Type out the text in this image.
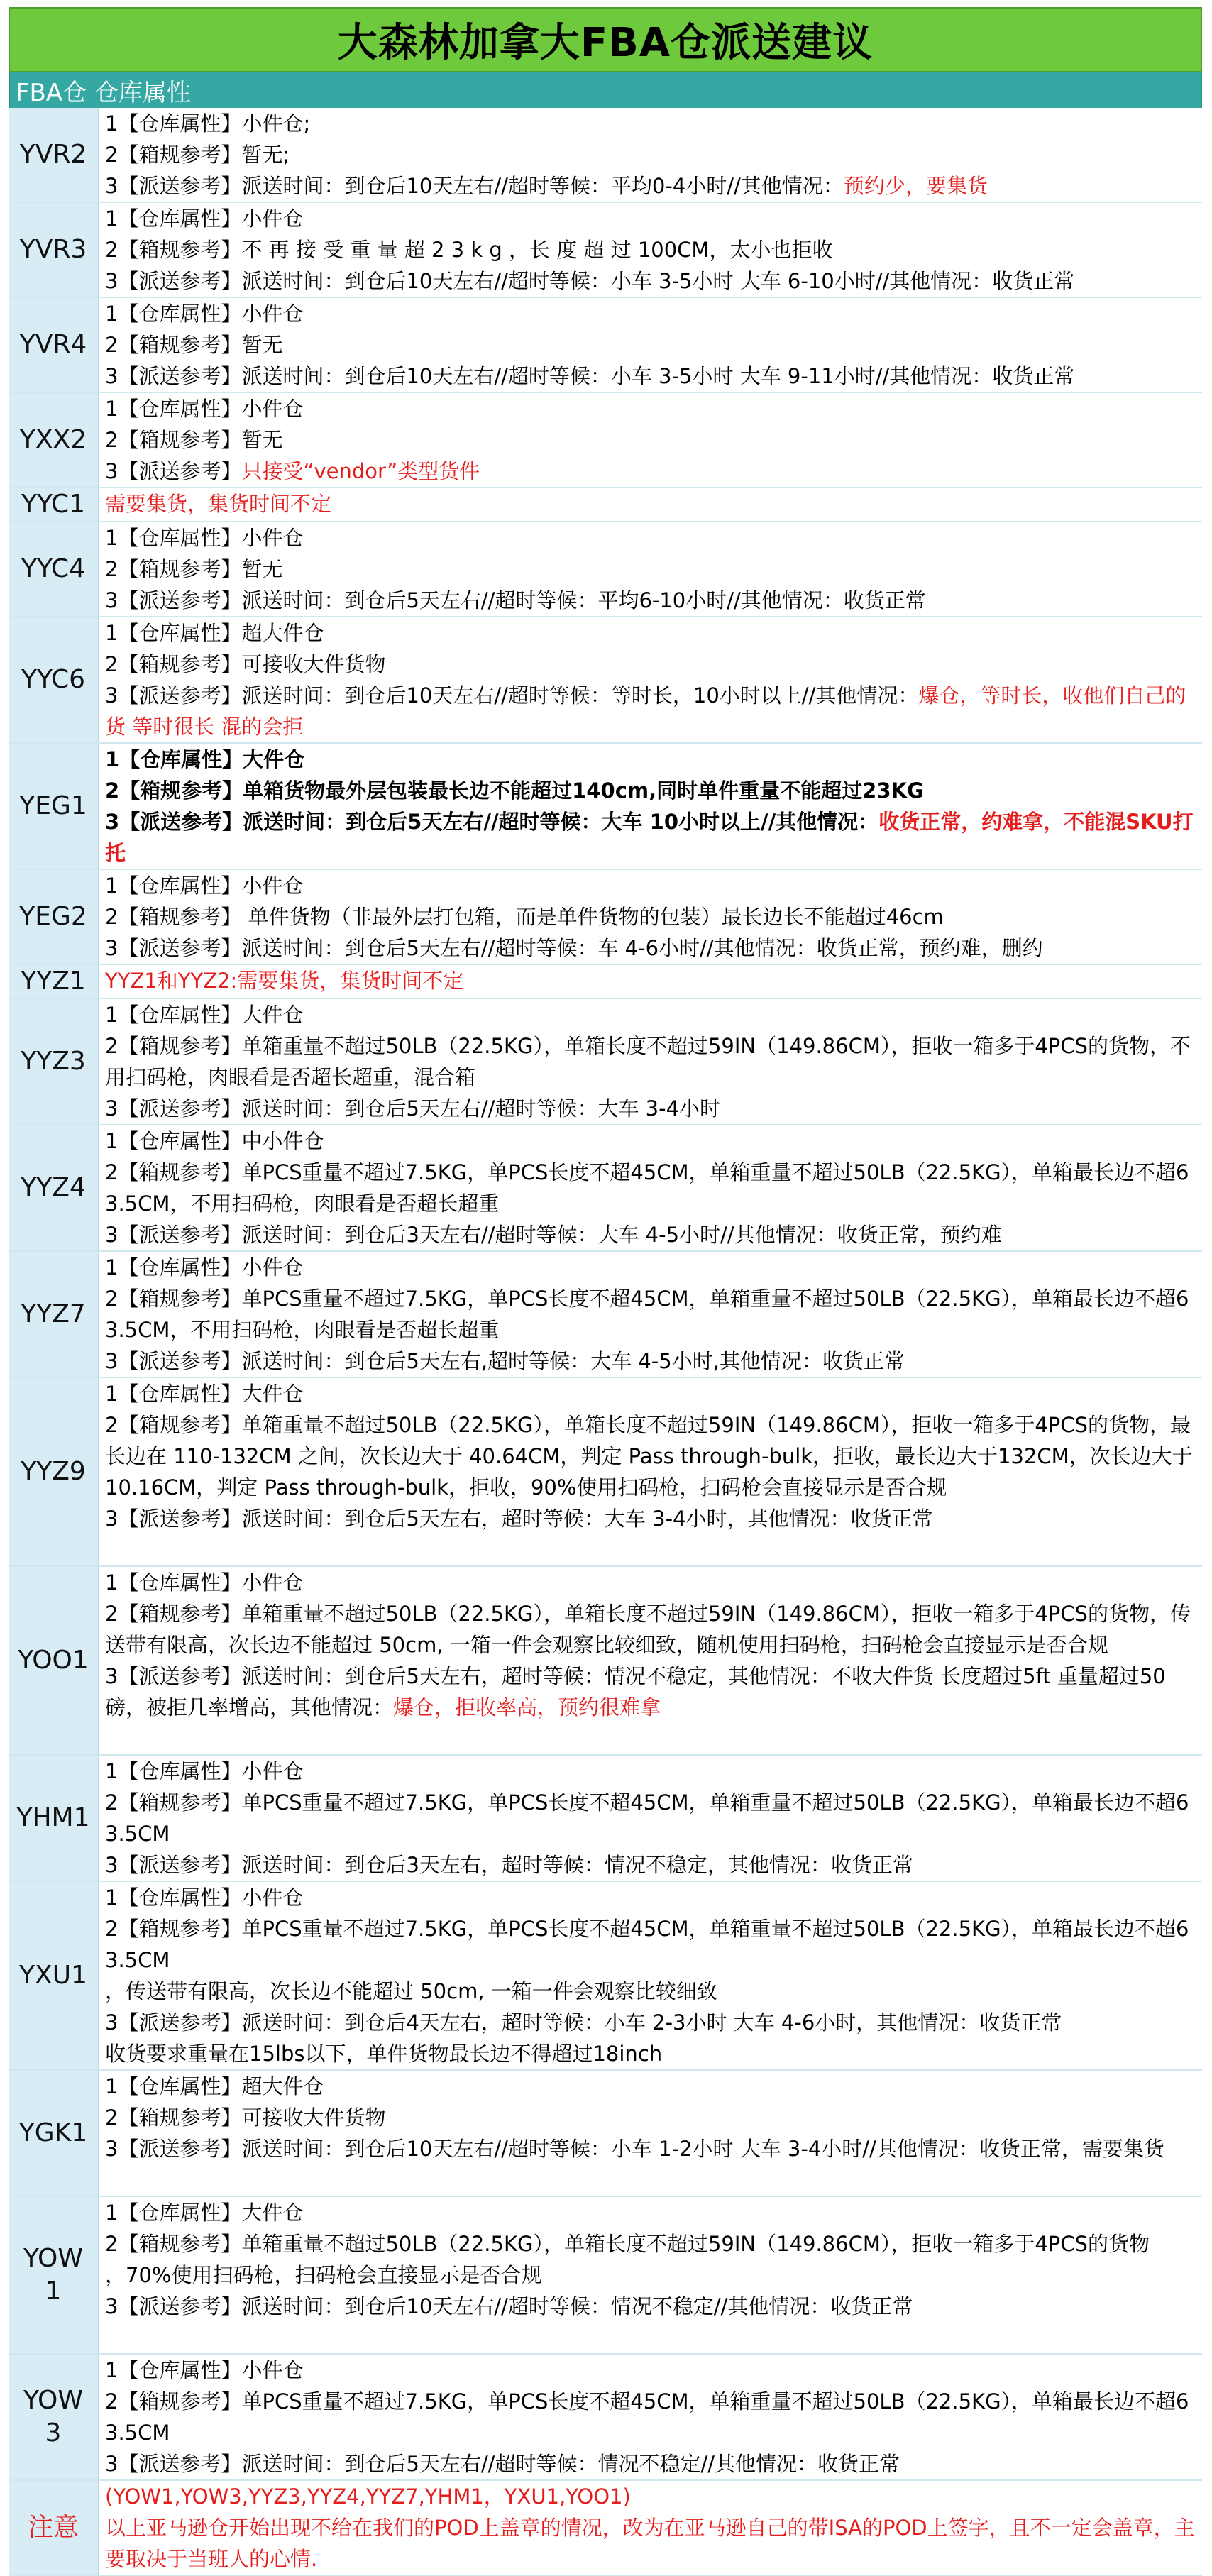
大森林加拿大FBA仓派送建议
FBA仓 仓库属性
YVR2
1【仓库属性】小件仓;
2【箱规参考】暂无;
3【派送参考】派送时间：到仓后10天左右//超时等候：平均0-4小时//其他情况：预约少，要集货
YVR3
1【仓库属性】小件仓
2【箱规参考】不 再 接 受 重 量 超 2 3 k g ，长 度 超 过 100CM，太小也拒收
3【派送参考】派送时间：到仓后10天左右//超时等候：小车 3-5小时 大车 6-10小时//其他情况：收货正常
YVR4
1【仓库属性】小件仓
2【箱规参考】暂无
3【派送参考】派送时间：到仓后10天左右//超时等候：小车 3-5小时 大车 9-11小时//其他情况：收货正常
YXX2
1【仓库属性】小件仓
2【箱规参考】暂无
3【派送参考】只接受“vendor”类型货件
YYC1 需要集货，集货时间不定
YYC4
1【仓库属性】小件仓
2【箱规参考】暂无
3【派送参考】派送时间：到仓后5天左右//超时等候：平均6-10小时//其他情况：收货正常
YYC6
1【仓库属性】超大件仓
2【箱规参考】可接收大件货物
3【派送参考】派送时间：到仓后10天左右//超时等候：等时长，10小时以上//其他情况：爆仓，等时长，收他们自己的货 等时很长 混的会拒
YEG1
1【仓库属性】大件仓
2【箱规参考】单箱货物最外层包装最长边不能超过140cm,同时单件重量不能超过23KG
3【派送参考】派送时间：到仓后5天左右//超时等候：大车 10小时以上//其他情况：收货正常，约难拿，不能混SKU打托
YEG2
1【仓库属性】小件仓
2【箱规参考】 单件货物（非最外层打包箱，而是单件货物的包装）最长边长不能超过46cm
3【派送参考】派送时间：到仓后5天左右//超时等候：车 4-6小时//其他情况：收货正常，预约难，删约
YYZ1 YYZ1和YYZ2:需要集货，集货时间不定
YYZ3
1【仓库属性】大件仓
2【箱规参考】单箱重量不超过50LB（22.5KG），单箱长度不超过59IN（149.86CM），拒收一箱多于4PCS的货物，不用扫码枪，肉眼看是否超长超重，混合箱
3【派送参考】派送时间：到仓后5天左右//超时等候：大车 3-4小时
YYZ4
1【仓库属性】中小件仓
2【箱规参考】单PCS重量不超过7.5KG，单PCS长度不超45CM，单箱重量不超过50LB（22.5KG），单箱最长边不超63.5CM，不用扫码枪，肉眼看是否超长超重
3【派送参考】派送时间：到仓后3天左右//超时等候：大车 4-5小时//其他情况：收货正常，预约难
YYZ7
1【仓库属性】小件仓
2【箱规参考】单PCS重量不超过7.5KG，单PCS长度不超45CM，单箱重量不超过50LB（22.5KG），单箱最长边不超63.5CM，不用扫码枪，肉眼看是否超长超重
3【派送参考】派送时间：到仓后5天左右,超时等候：大车 4-5小时,其他情况：收货正常
YYZ9
1【仓库属性】大件仓
2【箱规参考】单箱重量不超过50LB（22.5KG），单箱长度不超过59IN（149.86CM），拒收一箱多于4PCS的货物，最长边在 110-132CM 之间，次长边大于 40.64CM，判定 Pass through-bulk，拒收，最长边大于132CM，次长边大于 10.16CM，判定 Pass through-bulk，拒收，90%使用扫码枪，扫码枪会直接显示是否合规
3【派送参考】派送时间：到仓后5天左右，超时等候：大车 3-4小时，其他情况：收货正常
YOO1
1【仓库属性】小件仓
2【箱规参考】单箱重量不超过50LB（22.5KG），单箱长度不超过59IN（149.86CM），拒收一箱多于4PCS的货物，传送带有限高，次长边不能超过 50cm, 一箱一件会观察比较细致，随机使用扫码枪，扫码枪会直接显示是否合规
3【派送参考】派送时间：到仓后5天左右，超时等候：情况不稳定，其他情况：不收大件货 长度超过5ft 重量超过50磅，被拒几率增高，其他情况：爆仓，拒收率高，预约很难拿
YHM1
1【仓库属性】小件仓
2【箱规参考】单PCS重量不超过7.5KG，单PCS长度不超45CM，单箱重量不超过50LB（22.5KG），单箱最长边不超63.5CM
3【派送参考】派送时间：到仓后3天左右，超时等候：情况不稳定，其他情况：收货正常
YXU1
1【仓库属性】小件仓
2【箱规参考】单PCS重量不超过7.5KG，单PCS长度不超45CM，单箱重量不超过50LB（22.5KG），单箱最长边不超63.5CM
，传送带有限高，次长边不能超过 50cm, 一箱一件会观察比较细致
3【派送参考】派送时间：到仓后4天左右，超时等候：小车 2-3小时 大车 4-6小时，其他情况：收货正常
收货要求重量在15lbs以下，单件货物最长边不得超过18inch
YGK1
1【仓库属性】超大件仓
2【箱规参考】可接收大件货物
3【派送参考】派送时间：到仓后10天左右//超时等候：小车 1-2小时 大车 3-4小时//其他情况：收货正常，需要集货
YOW
1
1【仓库属性】大件仓
2【箱规参考】单箱重量不超过50LB（22.5KG），单箱长度不超过59IN（149.86CM），拒收一箱多于4PCS的货物
，70%使用扫码枪，扫码枪会直接显示是否合规
3【派送参考】派送时间：到仓后10天左右//超时等候：情况不稳定//其他情况：收货正常
YOW
3
1【仓库属性】小件仓
2【箱规参考】单PCS重量不超过7.5KG，单PCS长度不超45CM，单箱重量不超过50LB（22.5KG），单箱最长边不超63.5CM
3【派送参考】派送时间：到仓后5天左右//超时等候：情况不稳定//其他情况：收货正常
注意
(YOW1,YOW3,YYZ3,YYZ4,YYZ7,YHM1，YXU1,YOO1)
以上亚马逊仓开始出现不给在我们的POD上盖章的情况，改为在亚马逊自己的带ISA的POD上签字，且不一定会盖章，主要取决于当班人的心情.
